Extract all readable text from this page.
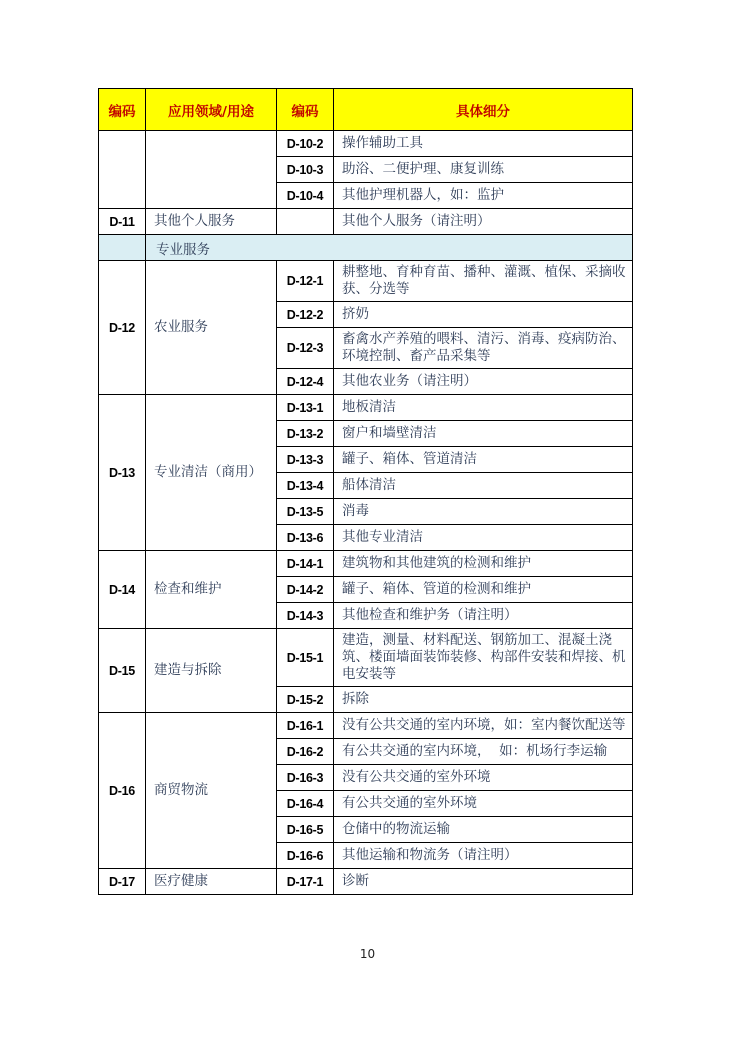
编码	应用领域/用途	编码	具体细分
		D-10-2	操作辅助工具
		D-10-3	助浴、二便护理、康复训练
		D-10-4	其他护理机器人，如：监护
D-11	其他个人服务		其他个人服务（请注明）
	专业服务		
D-12	农业服务	D-12-1	耕整地、育种育苗、播种、灌溉、植保、采摘收获、分选等
		D-12-2	挤奶
		D-12-3	畜禽水产养殖的喂料、清污、消毒、疫病防治、环境控制、畜产品采集等
		D-12-4	其他农业务（请注明）
D-13	专业清洁（商用）	D-13-1	地板清洁
		D-13-2	窗户和墙壁清洁
		D-13-3	罐子、箱体、管道清洁
		D-13-4	船体清洁
		D-13-5	消毒
		D-13-6	其他专业清洁
D-14	检查和维护	D-14-1	建筑物和其他建筑的检测和维护
		D-14-2	罐子、箱体、管道的检测和维护
		D-14-3	其他检查和维护务（请注明）
D-15	建造与拆除	D-15-1	建造，测量、材料配送、钢筋加工、混凝土浇筑、楼面墙面装饰装修、构部件安装和焊接、机电安装等
		D-15-2	拆除
D-16	商贸物流	D-16-1	没有公共交通的室内环境，如：室内餐饮配送等
		D-16-2	有公共交通的室内环境，  如：机场行李运输
		D-16-3	没有公共交通的室外环境
		D-16-4	有公共交通的室外环境
		D-16-5	仓储中的物流运输
		D-16-6	其他运输和物流务（请注明）
D-17	医疗健康	D-17-1	诊断
10
